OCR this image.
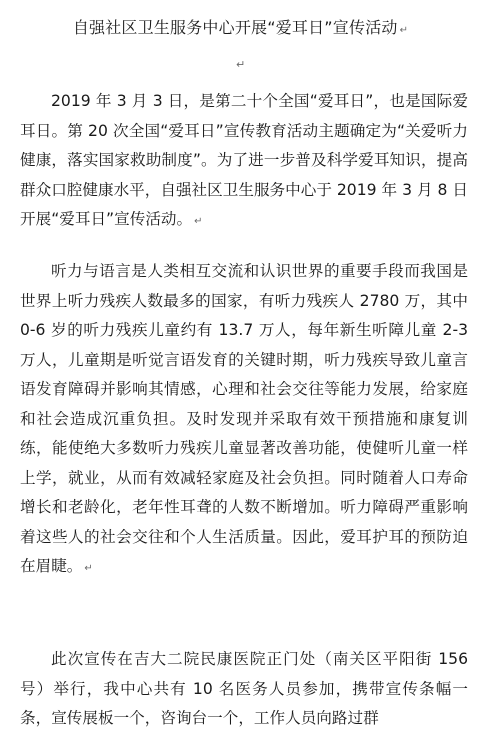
自强社区卫生服务中心开展“爱耳日”宣传活动 ↵
↵

2019 年 3 月 3 日，是第二十个全国“爱耳日”，也是国际爱耳日。第 20 次全国“爱耳日”宣传教育活动主题确定为“关爱听力健康，落实国家救助制度”。为了进一步普及科学爱耳知识，提高群众口腔健康水平，自强社区卫生服务中心于 2019 年 3 月 8 日开展“爱耳日”宣传活动。 ↵

听力与语言是人类相互交流和认识世界的重要手段而我国是世界上听力残疾人数最多的国家，有听力残疾人 2780 万，其中 0-6 岁的听力残疾儿童约有 13.7 万人，每年新生听障儿童 2-3 万人，儿童期是听觉言语发育的关键时期，听力残疾导致儿童言语发育障碍并影响其情感，心理和社会交往等能力发展，给家庭和社会造成沉重负担。及时发现并采取有效干预措施和康复训练，能使绝大多数听力残疾儿童显著改善功能，使健听儿童一样上学，就业，从而有效减轻家庭及社会负担。同时随着人口寿命增长和老龄化，老年性耳聋的人数不断增加。听力障碍严重影响着这些人的社会交往和个人生活质量。因此，爱耳护耳的预防迫在眉睫。 ↵

此次宣传在吉大二院民康医院正门处（南关区平阳街 156 号）举行，我中心共有 10 名医务人员参加，携带宣传条幅一条，宣传展板一个，咨询台一个，工作人员向路过群
